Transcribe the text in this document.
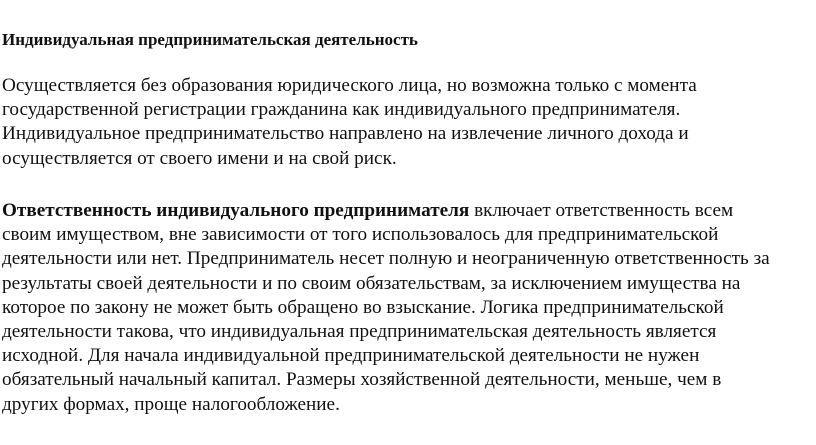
Индивидуальная предпринимательская деятельность
Осуществляется без образования юридического лица, но возможна только с момента
государственной регистрации гражданина как индивидуального предпринимателя.
Индивидуальное предпринимательство направлено на извлечение личного дохода и
осуществляется от своего имени и на свой риск.
Ответственность индивидуального предпринимателя включает ответственность всем
своим имуществом, вне зависимости от того использовалось для предпринимательской
деятельности или нет. Предприниматель несет полную и неограниченную ответственность за
результаты своей деятельности и по своим обязательствам, за исключением имущества на
которое по закону не может быть обращено во взыскание. Логика предпринимательской
деятельности такова, что индивидуальная предпринимательская деятельность является
исходной. Для начала индивидуальной предпринимательской деятельности не нужен
обязательный начальный капитал. Размеры хозяйственной деятельности, меньше, чем в
других формах, проще налогообложение.
